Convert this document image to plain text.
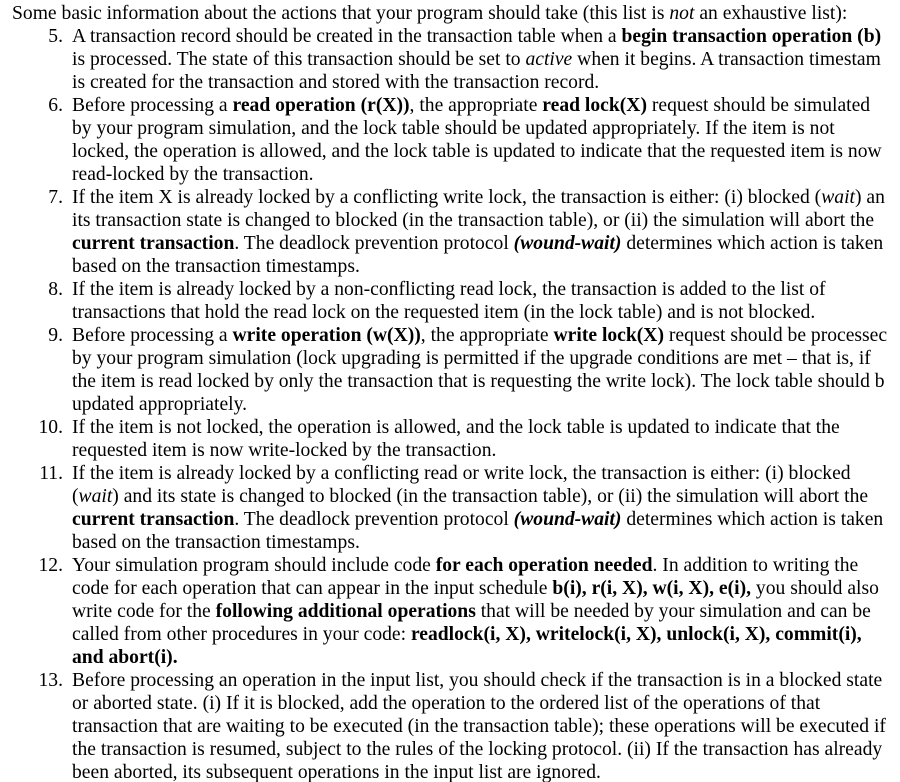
Some basic information about the actions that your program should take (this list is not an exhaustive list):
5. A transaction record should be created in the transaction table when a begin transaction operation (b)
is processed. The state of this transaction should be set to active when it begins. A transaction timestam
is created for the transaction and stored with the transaction record.
6. Before processing a read operation (r(X)), the appropriate read lock(X) request should be simulated
by your program simulation, and the lock table should be updated appropriately. If the item is not
locked, the operation is allowed, and the lock table is updated to indicate that the requested item is now
read-locked by the transaction.
7. If the item X is already locked by a conflicting write lock, the transaction is either: (i) blocked (wait) an
its transaction state is changed to blocked (in the transaction table), or (ii) the simulation will abort the
current transaction. The deadlock prevention protocol (wound-wait) determines which action is taken
based on the transaction timestamps.
8. If the item is already locked by a non-conflicting read lock, the transaction is added to the list of
transactions that hold the read lock on the requested item (in the lock table) and is not blocked.
9. Before processing a write operation (w(X)), the appropriate write lock(X) request should be processec
by your program simulation (lock upgrading is permitted if the upgrade conditions are met – that is, if
the item is read locked by only the transaction that is requesting the write lock). The lock table should b
updated appropriately.
10. If the item is not locked, the operation is allowed, and the lock table is updated to indicate that the
requested item is now write-locked by the transaction.
11. If the item is already locked by a conflicting read or write lock, the transaction is either: (i) blocked
(wait) and its state is changed to blocked (in the transaction table), or (ii) the simulation will abort the
current transaction. The deadlock prevention protocol (wound-wait) determines which action is taken
based on the transaction timestamps.
12. Your simulation program should include code for each operation needed. In addition to writing the
code for each operation that can appear in the input schedule b(i), r(i, X), w(i, X), e(i), you should also
write code for the following additional operations that will be needed by your simulation and can be
called from other procedures in your code: readlock(i, X), writelock(i, X), unlock(i, X), commit(i),
and abort(i).
13. Before processing an operation in the input list, you should check if the transaction is in a blocked state
or aborted state. (i) If it is blocked, add the operation to the ordered list of the operations of that
transaction that are waiting to be executed (in the transaction table); these operations will be executed if
the transaction is resumed, subject to the rules of the locking protocol. (ii) If the transaction has already
been aborted, its subsequent operations in the input list are ignored.
